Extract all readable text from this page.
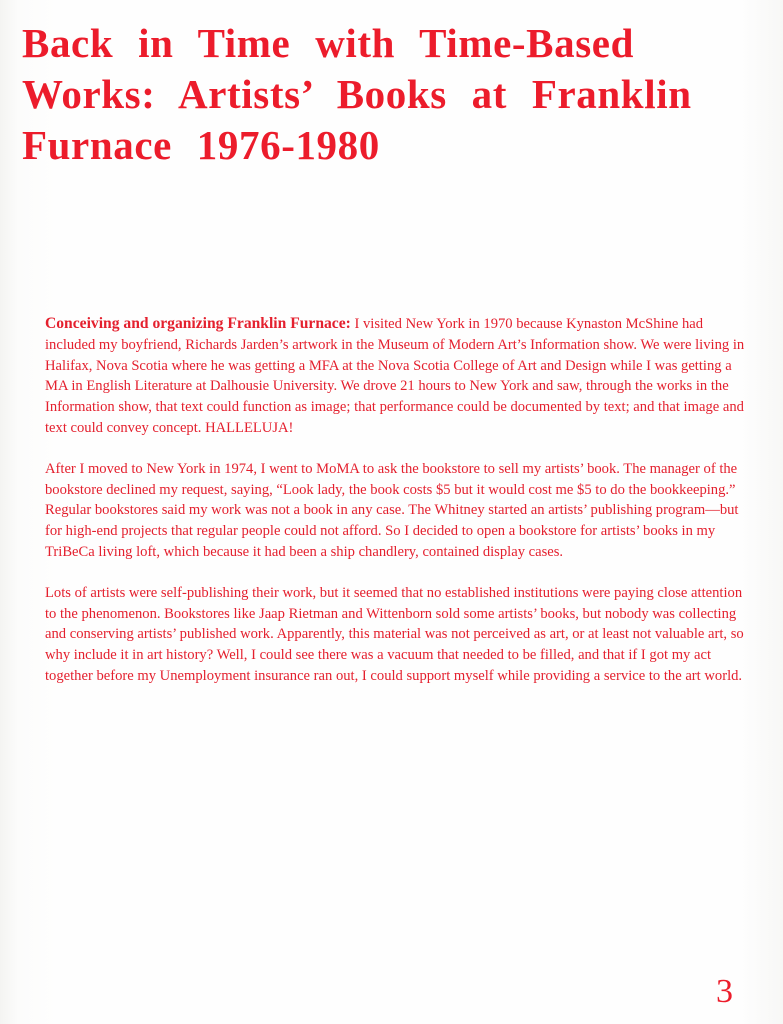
Back in Time with Time-Based Works: Artists’ Books at Franklin Furnace 1976-1980

Conceiving and organizing Franklin Furnace: I visited New York in 1970 because Kynaston McShine had included my boyfriend, Richards Jarden’s artwork in the Museum of Modern Art’s Information show. We were living in Halifax, Nova Scotia where he was getting a MFA at the Nova Scotia College of Art and Design while I was getting a MA in English Literature at Dalhousie University. We drove 21 hours to New York and saw, through the works in the Information show, that text could function as image; that performance could be documented by text; and that image and text could convey concept. HALLELUJA!

After I moved to New York in 1974, I went to MoMA to ask the bookstore to sell my artists’ book. The manager of the bookstore declined my request, saying, “Look lady, the book costs $5 but it would cost me $5 to do the bookkeeping.” Regular bookstores said my work was not a book in any case. The Whitney started an artists’ publishing program—but for high-end projects that regular people could not afford. So I decided to open a bookstore for artists’ books in my TriBeCa living loft, which because it had been a ship chandlery, contained display cases.

Lots of artists were self-publishing their work, but it seemed that no established institutions were paying close attention to the phenomenon. Bookstores like Jaap Rietman and Wittenborn sold some artists’ books, but nobody was collecting and conserving artists’ published work. Apparently, this material was not perceived as art, or at least not valuable art, so why include it in art history? Well, I could see there was a vacuum that needed to be filled, and that if I got my act together before my Unemployment insurance ran out, I could support myself while providing a service to the art world.

3
